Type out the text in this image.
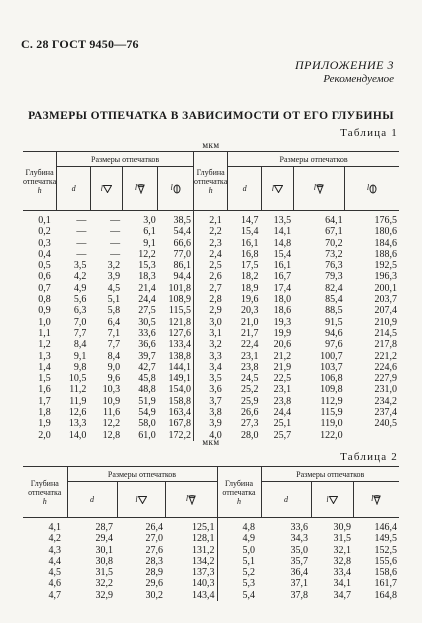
С. 28 ГОСТ 9450—76
ПРИЛОЖЕНИЕ 3
Рекомендуемое
РАЗМЕРЫ ОТПЕЧАТКА В ЗАВИСИМОСТИ ОТ ЕГО ГЛУБИНЫ
Таблица 1
мкм
Глубина отпечатка
h	Размеры отпечатков				Глубина отпечатка
h	Размеры отпечатков			
	d	l	l	l		d	l	l	l
0,1	—	—	3,0	38,5	2,1	14,7	13,5	64,1	176,5
0,2	—	—	6,1	54,4	2,2	15,4	14,1	67,1	180,6
0,3	—	—	9,1	66,6	2,3	16,1	14,8	70,2	184,6
0,4	—	—	12,2	77,0	2,4	16,8	15,4	73,2	188,6
0,5	3,5	3,2	15,3	86,1	2,5	17,5	16,1	76,3	192,5
0,6	4,2	3,9	18,3	94,4	2,6	18,2	16,7	79,3	196,3
0,7	4,9	4,5	21,4	101,8	2,7	18,9	17,4	82,4	200,1
0,8	5,6	5,1	24,4	108,9	2,8	19,6	18,0	85,4	203,7
0,9	6,3	5,8	27,5	115,5	2,9	20,3	18,6	88,5	207,4
1,0	7,0	6,4	30,5	121,8	3,0	21,0	19,3	91,5	210,9
1,1	7,7	7,1	33,6	127,6	3,1	21,7	19,9	94,6	214,5
1,2	8,4	7,7	36,6	133,4	3,2	22,4	20,6	97,6	217,8
1,3	9,1	8,4	39,7	138,8	3,3	23,1	21,2	100,7	221,2
1,4	9,8	9,0	42,7	144,1	3,4	23,8	21,9	103,7	224,6
1,5	10,5	9,6	45,8	149,1	3,5	24,5	22,5	106,8	227,9
1,6	11,2	10,3	48,8	154,0	3,6	25,2	23,1	109,8	231,0
1,7	11,9	10,9	51,9	158,8	3,7	25,9	23,8	112,9	234,2
1,8	12,6	11,6	54,9	163,4	3,8	26,6	24,4	115,9	237,4
1,9	13,3	12,2	58,0	167,8	3,9	27,3	25,1	119,0	240,5
2,0	14,0	12,8	61,0	172,2	4,0	28,0	25,7	122,0	
Таблица 2
мкм
Глубина отпечатка
h	Размеры отпечатков			Глубина отпечатка
h	Размеры отпечатков		
	d	l	l		d	l	l
4,1	28,7	26,4	125,1	4,8	33,6	30,9	146,4
4,2	29,4	27,0	128,1	4,9	34,3	31,5	149,5
4,3	30,1	27,6	131,2	5,0	35,0	32,1	152,5
4,4	30,8	28,3	134,2	5,1	35,7	32,8	155,6
4,5	31,5	28,9	137,3	5,2	36,4	33,4	158,6
4,6	32,2	29,6	140,3	5,3	37,1	34,1	161,7
4,7	32,9	30,2	143,4	5,4	37,8	34,7	164,8
